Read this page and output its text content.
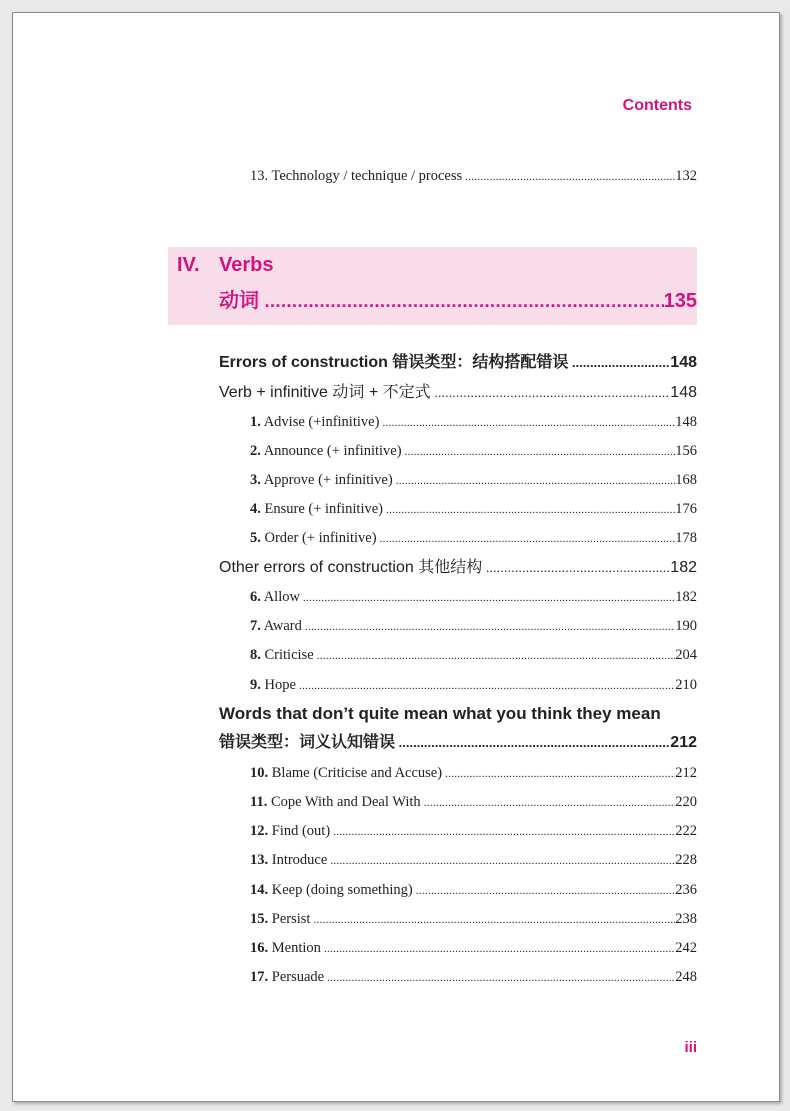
Contents
13. Technology / technique / process .....	132
IV. Verbs
动词 .....	135
Errors of construction 错误类型：结构搭配错误 .....	148
Verb + infinitive 动词 + 不定式 .....	148
1. Advise (+infinitive) .....	148
2. Announce (+ infinitive) .....	156
3. Approve (+ infinitive) .....	168
4. Ensure (+ infinitive) .....	176
5. Order (+ infinitive) .....	178
Other errors of construction 其他结构 .....	182
6. Allow .....	182
7. Award .....	190
8. Criticise .....	204
9. Hope .....	210
Words that don’t quite mean what you think they mean
错误类型：词义认知错误 .....	212
10. Blame (Criticise and Accuse) .....	212
11. Cope With and Deal With .....	220
12. Find (out) .....	222
13. Introduce .....	228
14. Keep (doing something) .....	236
15. Persist .....	238
16. Mention .....	242
17. Persuade .....	248
iii
